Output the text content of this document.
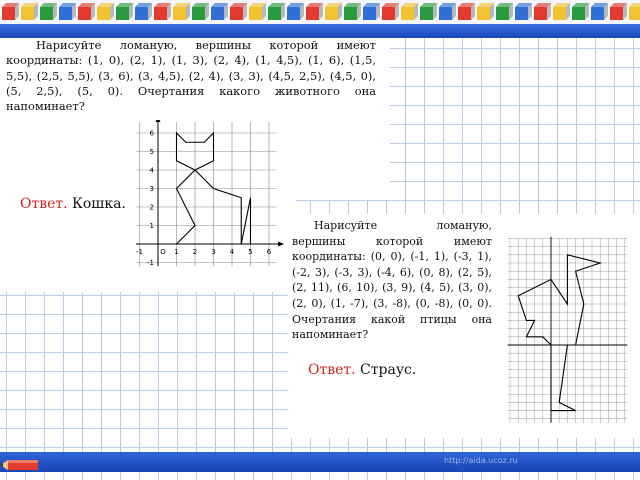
Нарисуйте ломаную, вершины которой имеют координаты: (1, 0), (2, 1), (1, 3), (2, 4), (1, 4,5), (1, 6), (1,5, 5,5), (2,5, 5,5), (3, 6), (3, 4,5), (2, 4), (3, 3), (4,5, 2,5), (4,5, 0), (5, 2,5), (5, 0). Очертания какого животного она напоминает?

-1 O 1 2 3 4 5 6
-1
1
2
3
4
5
6
Ответ. Кошка.

Нарисуйте ломаную, вершины которой имеют координаты: (0, 0), (-1, 1), (-3, 1), (-2, 3), (-3, 3), (-4, 6), (0, 8), (2, 5), (2, 11), (6, 10), (3, 9), (4, 5), (3, 0), (2, 0), (1, -7), (3, -8), (0, -8), (0, 0). Очертания какой птицы она напоминает?

Ответ. Страус.
http://aida.ucoz.ru
